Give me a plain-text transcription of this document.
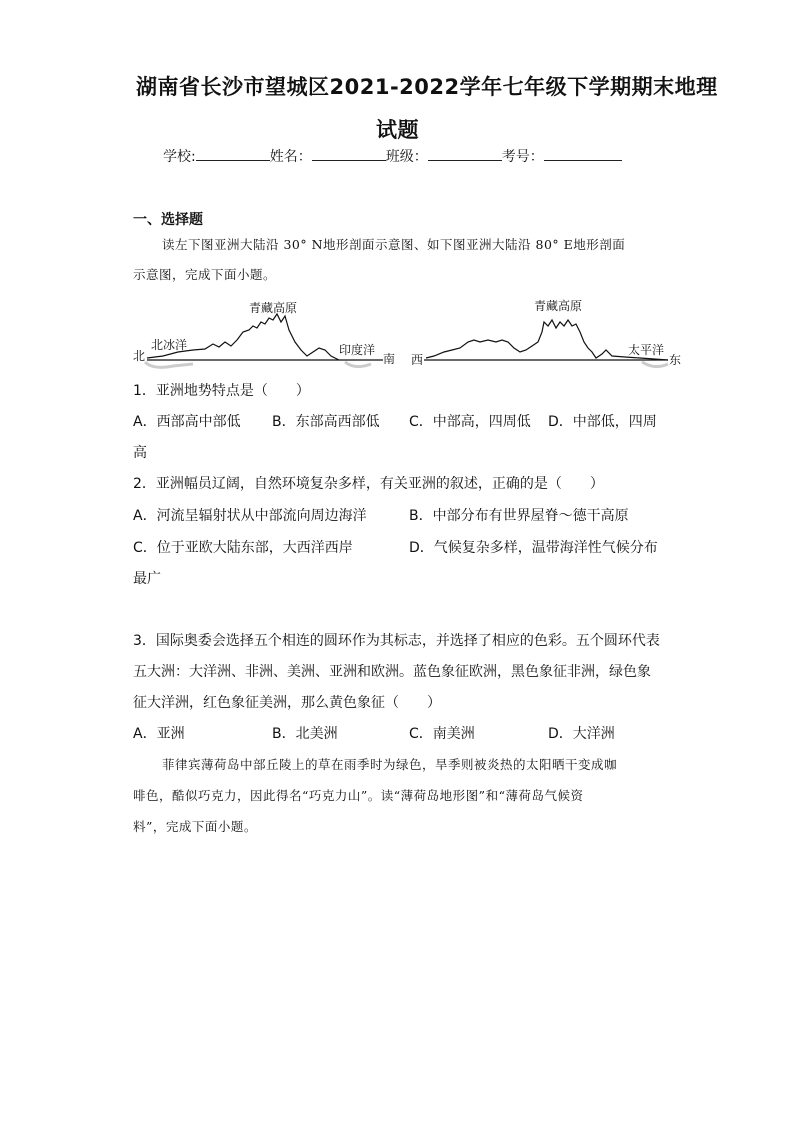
湖南省长沙市望城区2021-2022学年七年级下学期期末地理
试题
学校:	姓名：	班级：	考号：
一、选择题
读左下图亚洲大陆沿 30° N地形剖面示意图、如下图亚洲大陆沿 80° E地形剖面
示意图，完成下面小题。
北
北冰洋
青藏高原
印度洋
南 西
青藏高原
太平洋
东
1．亚洲地势特点是（　　）
A．西部高中部低 B．东部高西部低 C．中部高，四周低 D．中部低，四周
高
2．亚洲幅员辽阔，自然环境复杂多样，有关亚洲的叙述，正确的是（　　）
A．河流呈辐射状从中部流向周边海洋	B．中部分布有世界屋脊～德干高原
C．位于亚欧大陆东部，大西洋西岸	D．气候复杂多样，温带海洋性气候分布
最广
3．国际奥委会选择五个相连的圆环作为其标志，并选择了相应的色彩。五个圆环代表
五大洲：大洋洲、非洲、美洲、亚洲和欧洲。蓝色象征欧洲，黑色象征非洲，绿色象
征大洋洲，红色象征美洲，那么黄色象征（　　）
A．亚洲	B．北美洲	C．南美洲	D．大洋洲
菲律宾薄荷岛中部丘陵上的草在雨季时为绿色，旱季则被炎热的太阳晒干变成咖
啡色，酷似巧克力，因此得名“巧克力山”。读“薄荷岛地形图”和“薄荷岛气候资
料”，完成下面小题。
